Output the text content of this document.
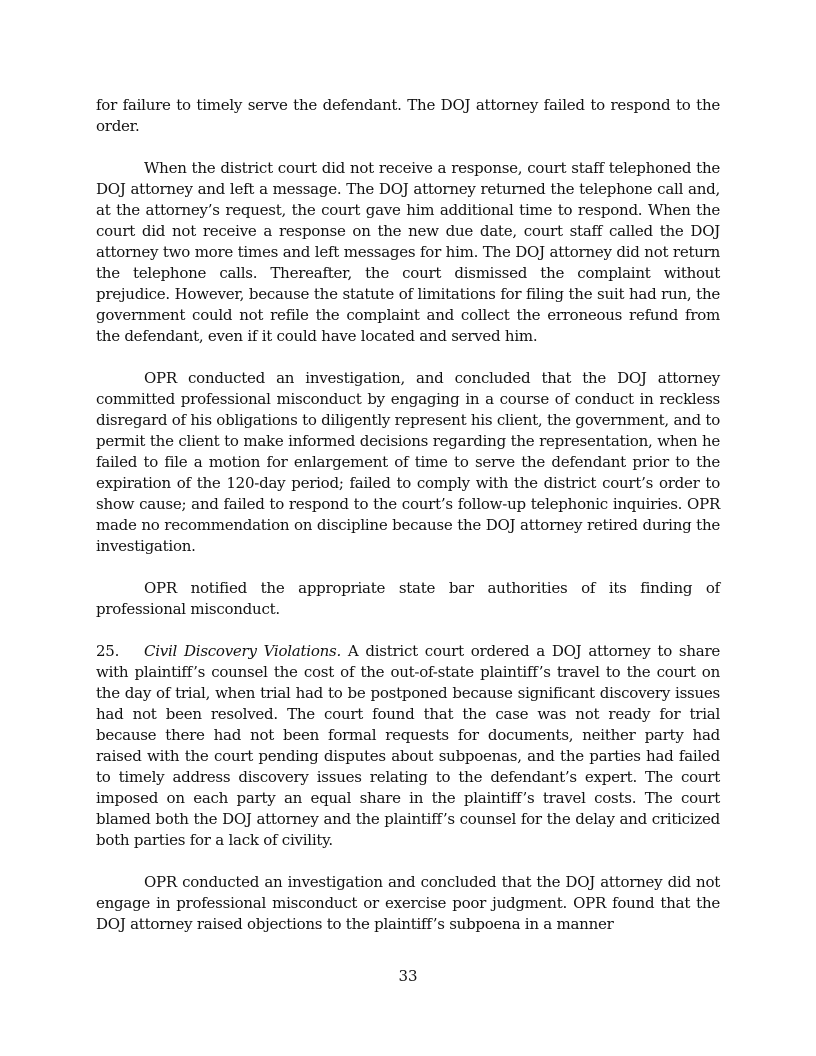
for failure to timely serve the defendant. The DOJ attorney failed to respond to the order.

When the district court did not receive a response, court staff telephoned the DOJ attorney and left a message. The DOJ attorney returned the telephone call and, at the attorney’s request, the court gave him additional time to respond. When the court did not receive a response on the new due date, court staff called the DOJ attorney two more times and left messages for him. The DOJ attorney did not return the telephone calls. Thereafter, the court dismissed the complaint without prejudice. However, because the statute of limitations for filing the suit had run, the government could not refile the complaint and collect the erroneous refund from the defendant, even if it could have located and served him.

OPR conducted an investigation, and concluded that the DOJ attorney committed professional misconduct by engaging in a course of conduct in reckless disregard of his obligations to diligently represent his client, the government, and to permit the client to make informed decisions regarding the representation, when he failed to file a motion for enlargement of time to serve the defendant prior to the expiration of the 120-day period; failed to comply with the district court’s order to show cause; and failed to respond to the court’s follow-up telephonic inquiries. OPR made no recommendation on discipline because the DOJ attorney retired during the investigation.

OPR notified the appropriate state bar authorities of its finding of professional misconduct.

25. Civil Discovery Violations. A district court ordered a DOJ attorney to share with plaintiff’s counsel the cost of the out-of-state plaintiff’s travel to the court on the day of trial, when trial had to be postponed because significant discovery issues had not been resolved. The court found that the case was not ready for trial because there had not been formal requests for documents, neither party had raised with the court pending disputes about subpoenas, and the parties had failed to timely address discovery issues relating to the defendant’s expert. The court imposed on each party an equal share in the plaintiff’s travel costs. The court blamed both the DOJ attorney and the plaintiff’s counsel for the delay and criticized both parties for a lack of civility.

OPR conducted an investigation and concluded that the DOJ attorney did not engage in professional misconduct or exercise poor judgment. OPR found that the DOJ attorney raised objections to the plaintiff’s subpoena in a manner

33
